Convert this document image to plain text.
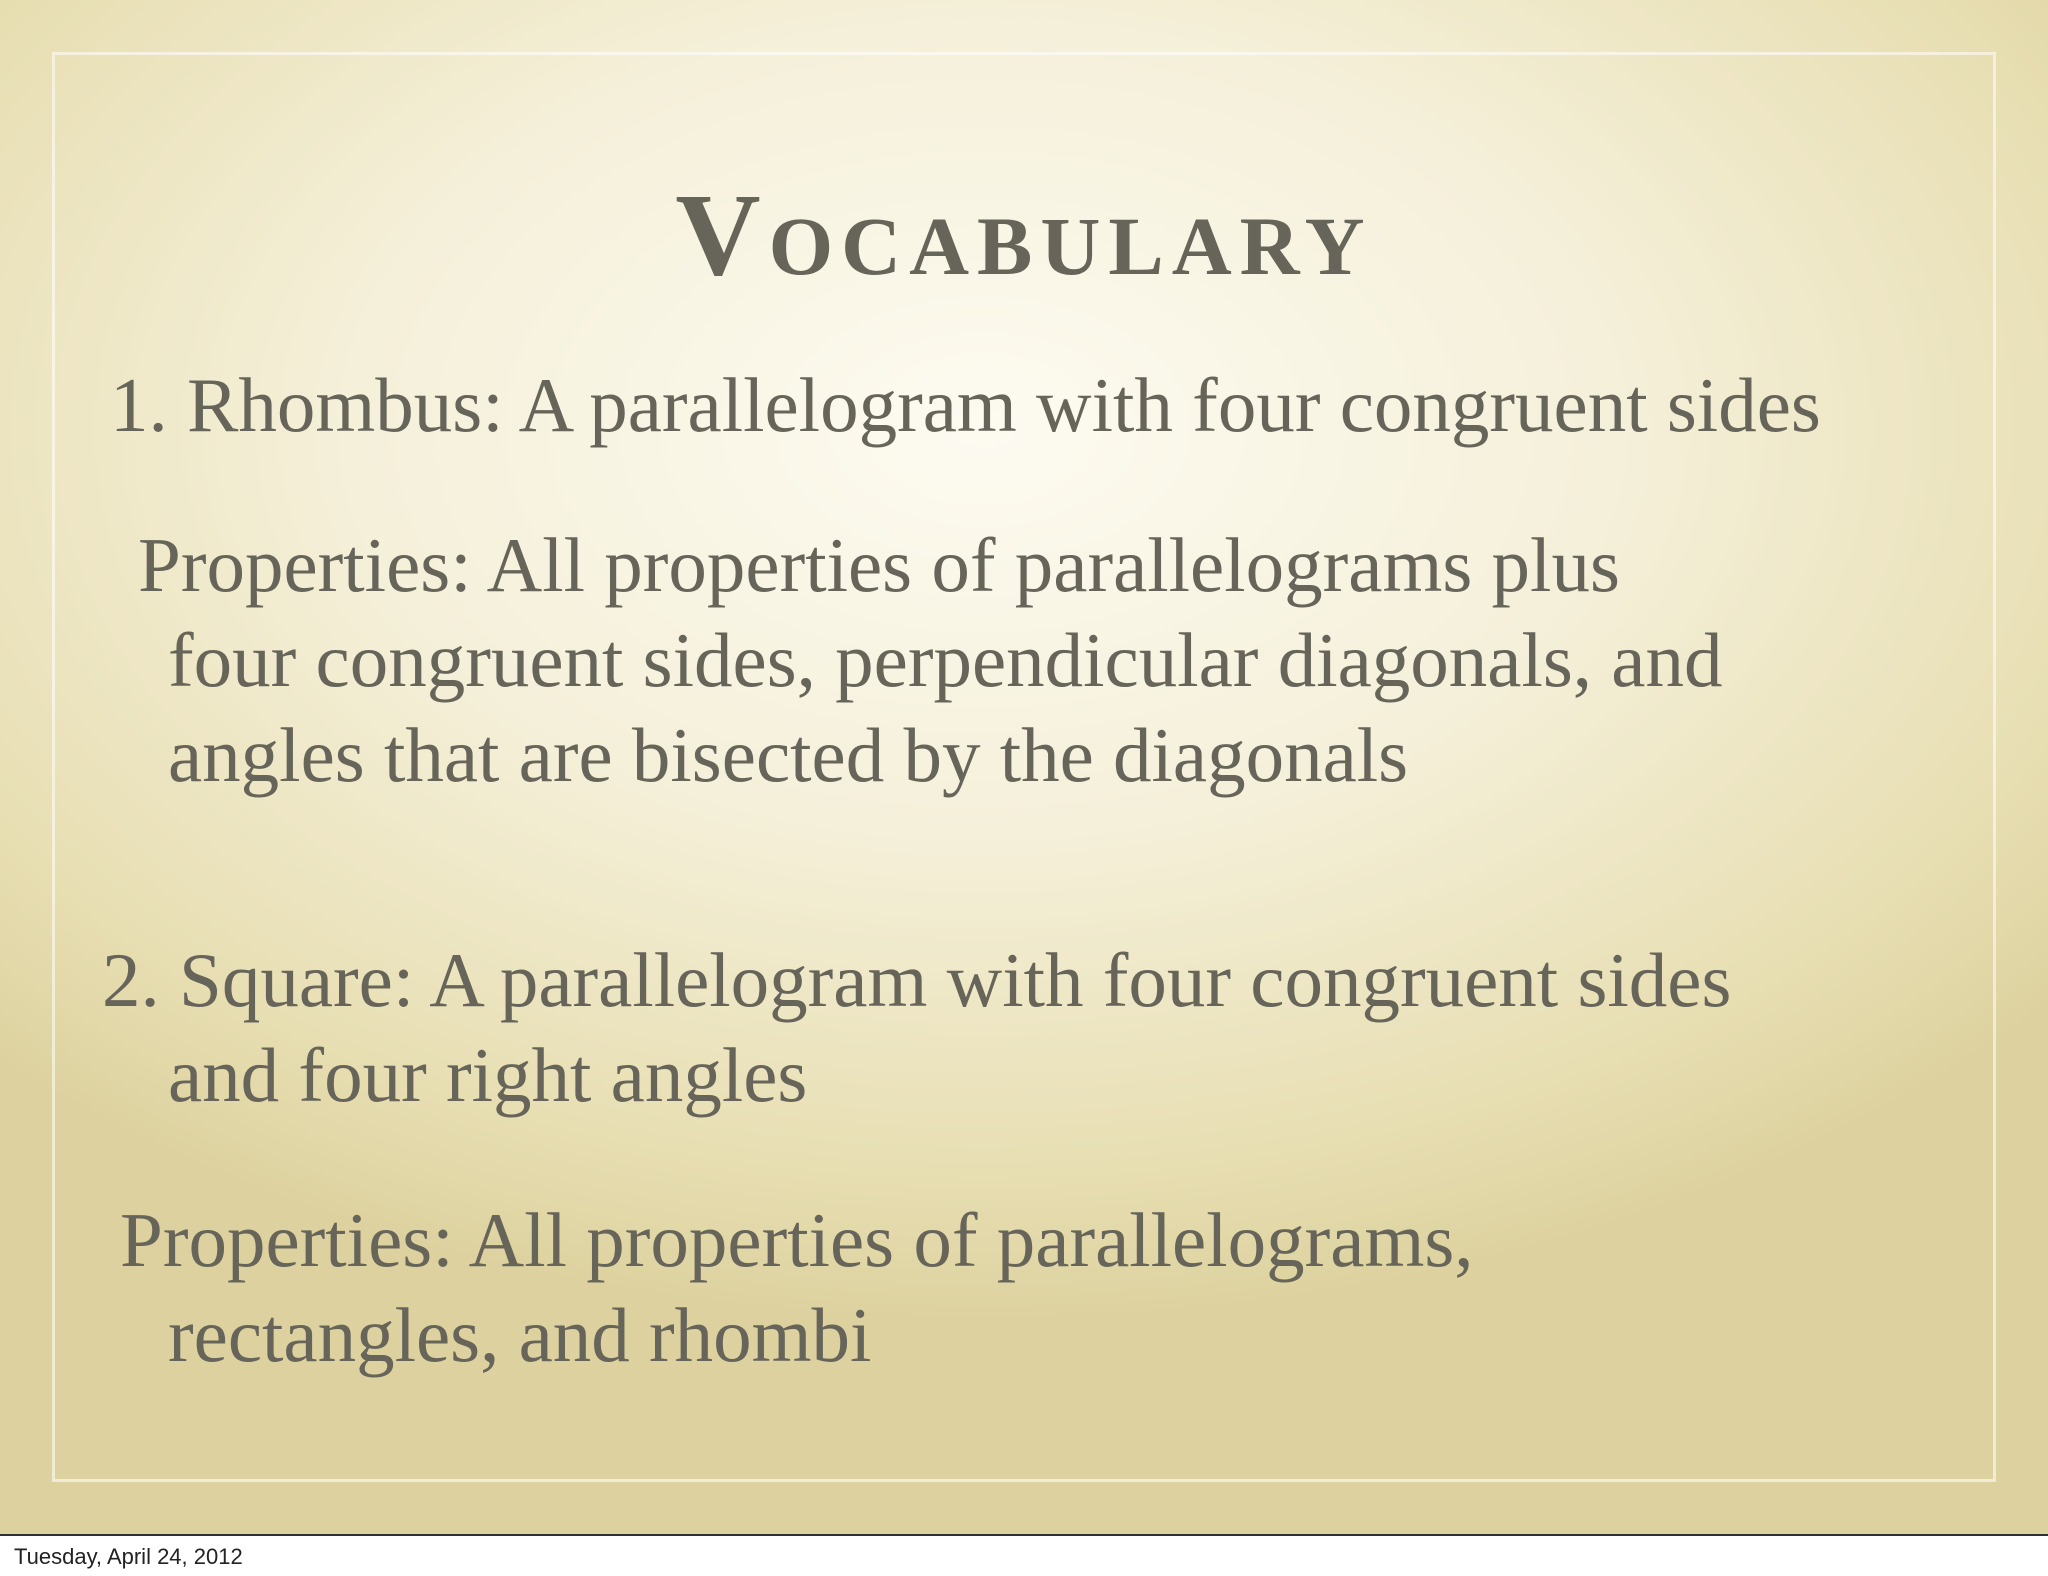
Vocabulary
1. Rhombus: A parallelogram with four congruent sides
Properties: All properties of parallelograms plus
four congruent sides, perpendicular diagonals, and
angles that are bisected by the diagonals
2. Square: A parallelogram with four congruent sides
and four right angles
Properties: All properties of parallelograms,
rectangles, and rhombi
Tuesday, April 24, 2012
